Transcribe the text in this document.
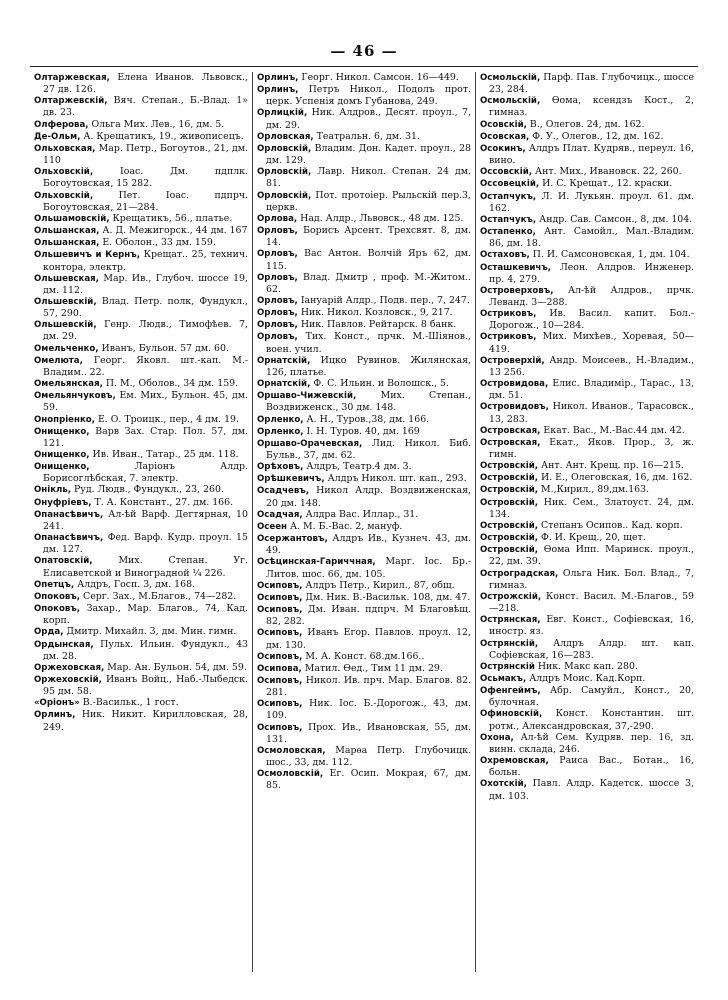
— 46 —

Олтаржевская, Елена Иванов. Львовск., 27 дв. 126.

Олтаржевскій, Вяч. Степан., Б.-Влад. 1» дв. 23.

Олферова, Ольга Мих. Лев., 16, дм. 5.

Де-Ольм, А. Крещатикъ, 19., живописецъ.

Ольховская, Мар. Петр., Богоутов., 21, дм. 110

Ольховскій,	Іоас. Дм. пдплк. Богоутовская, 15 282.

Ольховскій,	Пет. Іоас. пдпрч. Богоутовская, 21—284.

Ольшамовскій, Крещатикъ, 56., платье.

Ольшанская, А. Д. Межигорск., 44 дм. 167

Ольшанская, Е. Оболон., 33 дм. 159.

Ольшевичъ и Кернъ, Крещат.. 25, технич. контора, электр.

Ольшевская, Мар. Ив., Глубоч. шоссе 19, дм. 112.

Ольшевскій, Влад. Петр. полк, Фундукл., 57, 290.

Ольшевскій, Генр. Людв., Тимофѣев. 7, дм. 29.

Омельченко, Иванъ, Бульон. 57 дм. 60.

Омелюта, Георг. Яковл. шт.-кап. М.-Владим.. 22.

Омельянская, П. М., Оболов., 34 дм. 159.

Омельянчуковъ, Ем. Мих., Бульон. 45, дм. 59.

Онопріенко, Е. О. Троицк., пер., 4 дм. 19.

Онищенко, Варв Зах. Стар. Пол. 57, дм. 121.

Онищенко, Ив. Иван., Татар., 25 дм. 118.

Онищенко,	Ларіонъ Алдр. Борисоглѣбская, 7. электр.

Онікль, Руд. Людв., Фундукл., 23, 260.

Онуфріевъ, Т. А. Констант., 27. дм. 166.

Опанасѣвичъ, Ал-ѣй Варф. Дегтярная, 10 241.

Опанасѣвичъ, Фед. Варф. Кудр. проул. 15 дм. 127.

Опатовскій,	Мих. Степан. Уг. Елисаветской и Виноградной ¹⁄₄ 226.

Опетцъ, Алдръ, Госп. 3, дм. 168.

Опоковъ, Серг. Зах., М.Благов., 74—282.

Опоковъ, Захар., Мар. Благов., 74, Кад. корп.

Орда, Дмитр. Михайл. 3, дм. Мин. гимн.

Ордынская, Пульх. Ильин. Фундукл., 43 дм. 28.

Оржеховская, Мар. Ан. Бульон. 54, дм. 59.

Оржеховскій, Иванъ Войц., Наб.-Лыбедск. 95 дм. 58.

«Оріонъ» В.-Васильк., 1 гост.

Орлинъ, Ник. Никит. Кирилловская, 28, 249.

Орлинъ, Георг. Никол. Самсон. 16—449.

Орлинъ, Петръ Никол., Подолъ прот. церк. Успенія домъ Губанова, 249.

Орлицкій, Ник. Алдров., Десят. проул., 7, дм. 29.

Орловская, Театральн. 6, дм. 31.

Орловскій, Владим. Дон. Кадет. проул., 28 дм. 129.

Орловскій, Лавр. Никол. Степан. 24 дм. 81.

Орловскій, Пот. протоіер. Рыльскій пер.3, церкв.

Орлова, Над. Алдр., Львовск., 48 дм. 125.

Орловъ, Борисъ Арсент. Трехсвят. 8, дм. 14.

Орловъ, Вас Антон. Волчій Яръ 62, дм. 115.

Орловъ, Влад. Дмитр , проф. М.-Житом.. 62.

Орловъ, Іануарій Алдр., Подв. пер., 7, 247.

Орловъ, Ник. Никол. Козловск., 9, 217.

Орловъ, Ник. Павлов. Рейтарск. 8 банк.

Орловъ, Тих. Конст., прчк. М.-Шіянов., воен. учил.

Орнатскій, Ицко Рувинов. Жилянская, 126, платье.

Орнатскій, Ф. С. Ильин. и Волошск., 5.

Оршаво-Чижевскій,	Мих. Степан., Воздвиженск., 30 дм. 148.

Орленко, А. Н., Туров.,38, дм. 166.

Орленко, І. Н. Туров. 40, дм. 169

Оршаво-Орачевская, Лид. Никол. Биб. Бульв., 37, дм. 62.

Орѣховъ, Алдръ, Театр.4 дм. 3.

Орѣшкевичъ, Алдръ Никол. шт. кап., 293.

Осадчевъ, Никол Алдр. Воздвиженская, 20 дм. 148.

Осадчая, Алдра Вас. Иллар., 31.

Осеен А. М. Б.-Вас. 2, мануф.

Осержантовъ, Алдръ Ив., Кузнеч. 43, дм. 49.

Осѣцинская-Гариччная, Марг. Іос. Бр.-Литов. шос. 66, дм. 105.

Осиповъ, Алдръ Петр., Кирил., 87, общ.

Осиповъ, Дм. Ник. В.-Васильк. 108, дм. 47.

Осиповъ, Дм. Иван. пдпрч. М Благовѣщ. 82, 282.

Осиповъ, Иванъ Егор. Павлов. проул. 12, дм. 130.

Осиповъ, М. А. Конст. 68.дм.166..

Осипова, Матил. Ѳед., Тим 11 дм. 29.

Осиповъ, Никол. Ив. прч. Мар. Благов. 82. 281.

Осиповъ, Ник. Іос. Б.-Дорогож., 43, дм. 109.

Осиповъ, Прох. Ив., Ивановская, 55, дм. 131.

Осмоловская, Марѳа Петр. Глубочицк. шос., 33, дм. 112.

Осмоловскій, Ег. Осип. Мокрая, 67, дм. 85.

Осмольскій, Парф. Пав. Глубочицк., шоссе 23, 284.

Осмольскій, Ѳома, ксендзъ Кост., 2, гимназ.

Осовскій, В., Олегов. 24, дм. 162.

Осовская, Ф. У., Олегов., 12, дм. 162.

Осокинъ, Алдръ Плат. Кудряв., переул. 16, вино.

Оссовскій, Ант. Мих., Ивановск. 22, 260.

Оссовецкій, И. С. Крещат., 12. краски.

Остапчукъ, Л. И. Лукьян. проул. 61. дм. 162.

Остапчукъ, Андр. Сав. Самсон., 8, дм. 104.

Остапенко, Ант. Самойл., Мал.-Владим. 86, дм. 18.

Остаховъ, П. И. Самсоновская, 1, дм. 104.

Осташкевичъ, Леон. Алдров. Инженер. пр. 4, 279.

Островерховъ, Ал-ѣй Алдров., прчк. Леванд. 3—288.

Остриковъ, Ив. Васил. капит. Бол.-Дорогож., 10—284.

Остриковъ, Мих. Михѣев., Хоревая, 50—419.

Островерхій, Андр. Моисеев., Н.-Владим., 13 256.

Островидова, Елис. Владимір., Тарас., 13, дм. 51.

Островидовъ, Никол. Иванов., Тарасовск., 13, 283.

Островская, Екат. Вас., М.-Вас.44 дм. 42.

Островская, Екат., Яков. Прор., 3, ж. гимн.

Островскій, Ант. Ант. Крещ. пр. 16—215.

Островскій, И. Е., Олеговская, 16, дм. 162.

Островскій, М.,Кирил., 89,дм.163.

Островскій, Ник. Сем., Златоуст. 24, дм. 134.

Островскій, Степанъ Осипов.. Кад. корп.

Островскій, Ф. И. Крещ., 20, щет.

Островскій, Ѳома Ипп. Маринск. проул., 22, дм. 39.

Остроградская, Ольга Ник. Бол. Влад., 7, гимназ.

Острожскій, Конст. Васил. М.-Благов., 59—218.

Острянская, Евг. Конст., Софіевская, 16, иностр. яз.

Острянскій, Алдръ Алдр. шт. кап. Софіевская, 16—283.

Острянскій Ник. Макс кап. 280.

Осьмакъ, Алдръ Моис. Кад.Корп.

Офенгеймъ, Абр. Самуйл., Конст., 20, булочная.

Офиновскій, Конст. Константин. шт. ротм., Александровская, 37,-290.

Охона, Ал-ѣй Сем. Кудряв. пер. 16, зд. винн. склада, 246.

Охремовская, Раиса Вас., Ботан., 16, больн.

Охотскій, Павл. Алдр. Кадетск. шоссе 3, дм. 103.
